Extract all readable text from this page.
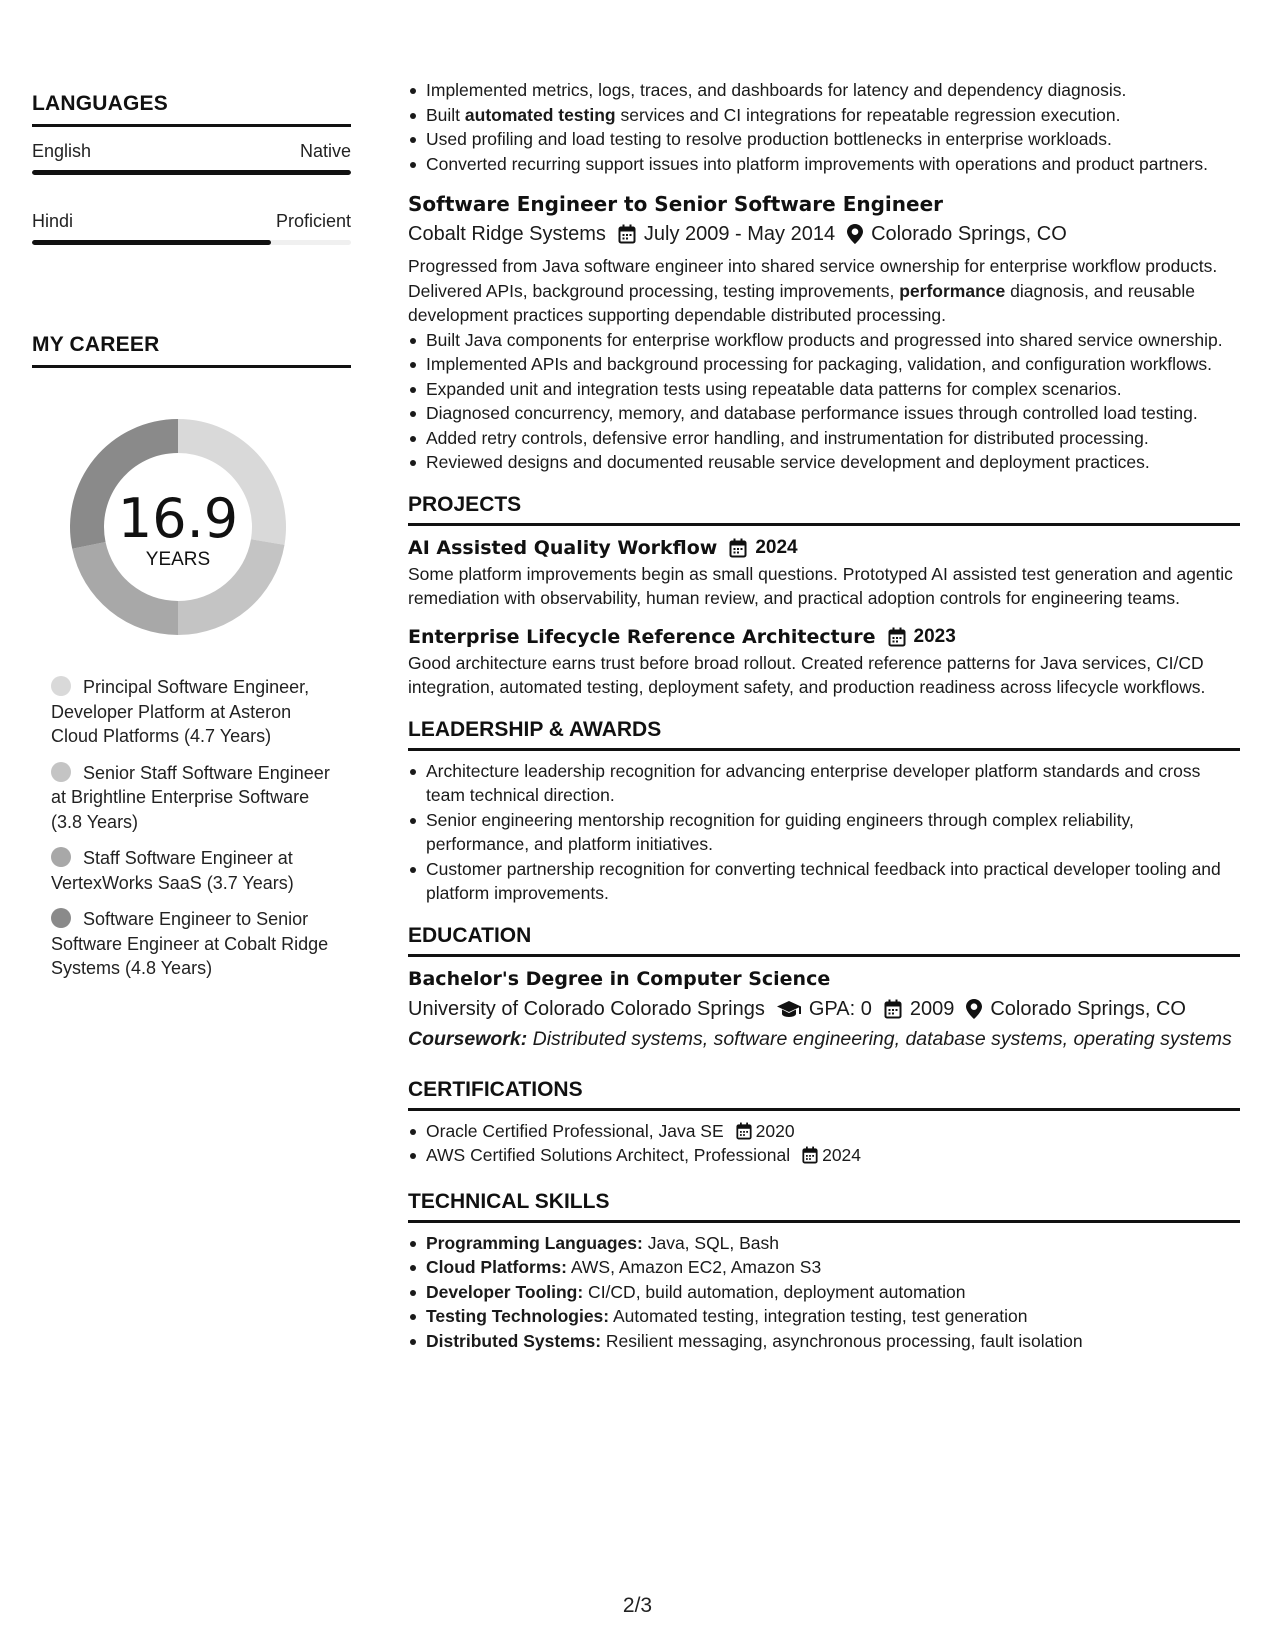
LANGUAGES
English	Native
Hindi	Proficient
MY CAREER
16.9
YEARS
Principal Software Engineer, Developer Platform at Asteron Cloud Platforms (4.7 Years)
Senior Staff Software Engineer at Brightline Enterprise Software (3.8 Years)
Staff Software Engineer at VertexWorks SaaS (3.7 Years)
Software Engineer to Senior Software Engineer at Cobalt Ridge Systems (4.8 Years)
Implemented metrics, logs, traces, and dashboards for latency and dependency diagnosis.
Built automated testing services and CI integrations for repeatable regression execution.
Used profiling and load testing to resolve production bottlenecks in enterprise workloads.
Converted recurring support issues into platform improvements with operations and product partners.
Software Engineer to Senior Software Engineer
Cobalt Ridge Systems July 2009 - May 2014 Colorado Springs, CO
Progressed from Java software engineer into shared service ownership for enterprise workflow products. Delivered APIs, background processing, testing improvements, performance diagnosis, and reusable development practices supporting dependable distributed processing.
Built Java components for enterprise workflow products and progressed into shared service ownership.
Implemented APIs and background processing for packaging, validation, and configuration workflows.
Expanded unit and integration tests using repeatable data patterns for complex scenarios.
Diagnosed concurrency, memory, and database performance issues through controlled load testing.
Added retry controls, defensive error handling, and instrumentation for distributed processing.
Reviewed designs and documented reusable service development and deployment practices.
PROJECTS
AI Assisted Quality Workflow 2024
Some platform improvements begin as small questions. Prototyped AI assisted test generation and agentic remediation with observability, human review, and practical adoption controls for engineering teams.
Enterprise Lifecycle Reference Architecture 2023
Good architecture earns trust before broad rollout. Created reference patterns for Java services, CI/CD integration, automated testing, deployment safety, and production readiness across lifecycle workflows.
LEADERSHIP & AWARDS
Architecture leadership recognition for advancing enterprise developer platform standards and cross team technical direction.
Senior engineering mentorship recognition for guiding engineers through complex reliability, performance, and platform initiatives.
Customer partnership recognition for converting technical feedback into practical developer tooling and platform improvements.
EDUCATION
Bachelor's Degree in Computer Science
University of Colorado Colorado Springs GPA: 0 2009 Colorado Springs, CO
Coursework: Distributed systems, software engineering, database systems, operating systems
CERTIFICATIONS
Oracle Certified Professional, Java SE 2020
AWS Certified Solutions Architect, Professional 2024
TECHNICAL SKILLS
Programming Languages: Java, SQL, Bash
Cloud Platforms: AWS, Amazon EC2, Amazon S3
Developer Tooling: CI/CD, build automation, deployment automation
Testing Technologies: Automated testing, integration testing, test generation
Distributed Systems: Resilient messaging, asynchronous processing, fault isolation
2/3
